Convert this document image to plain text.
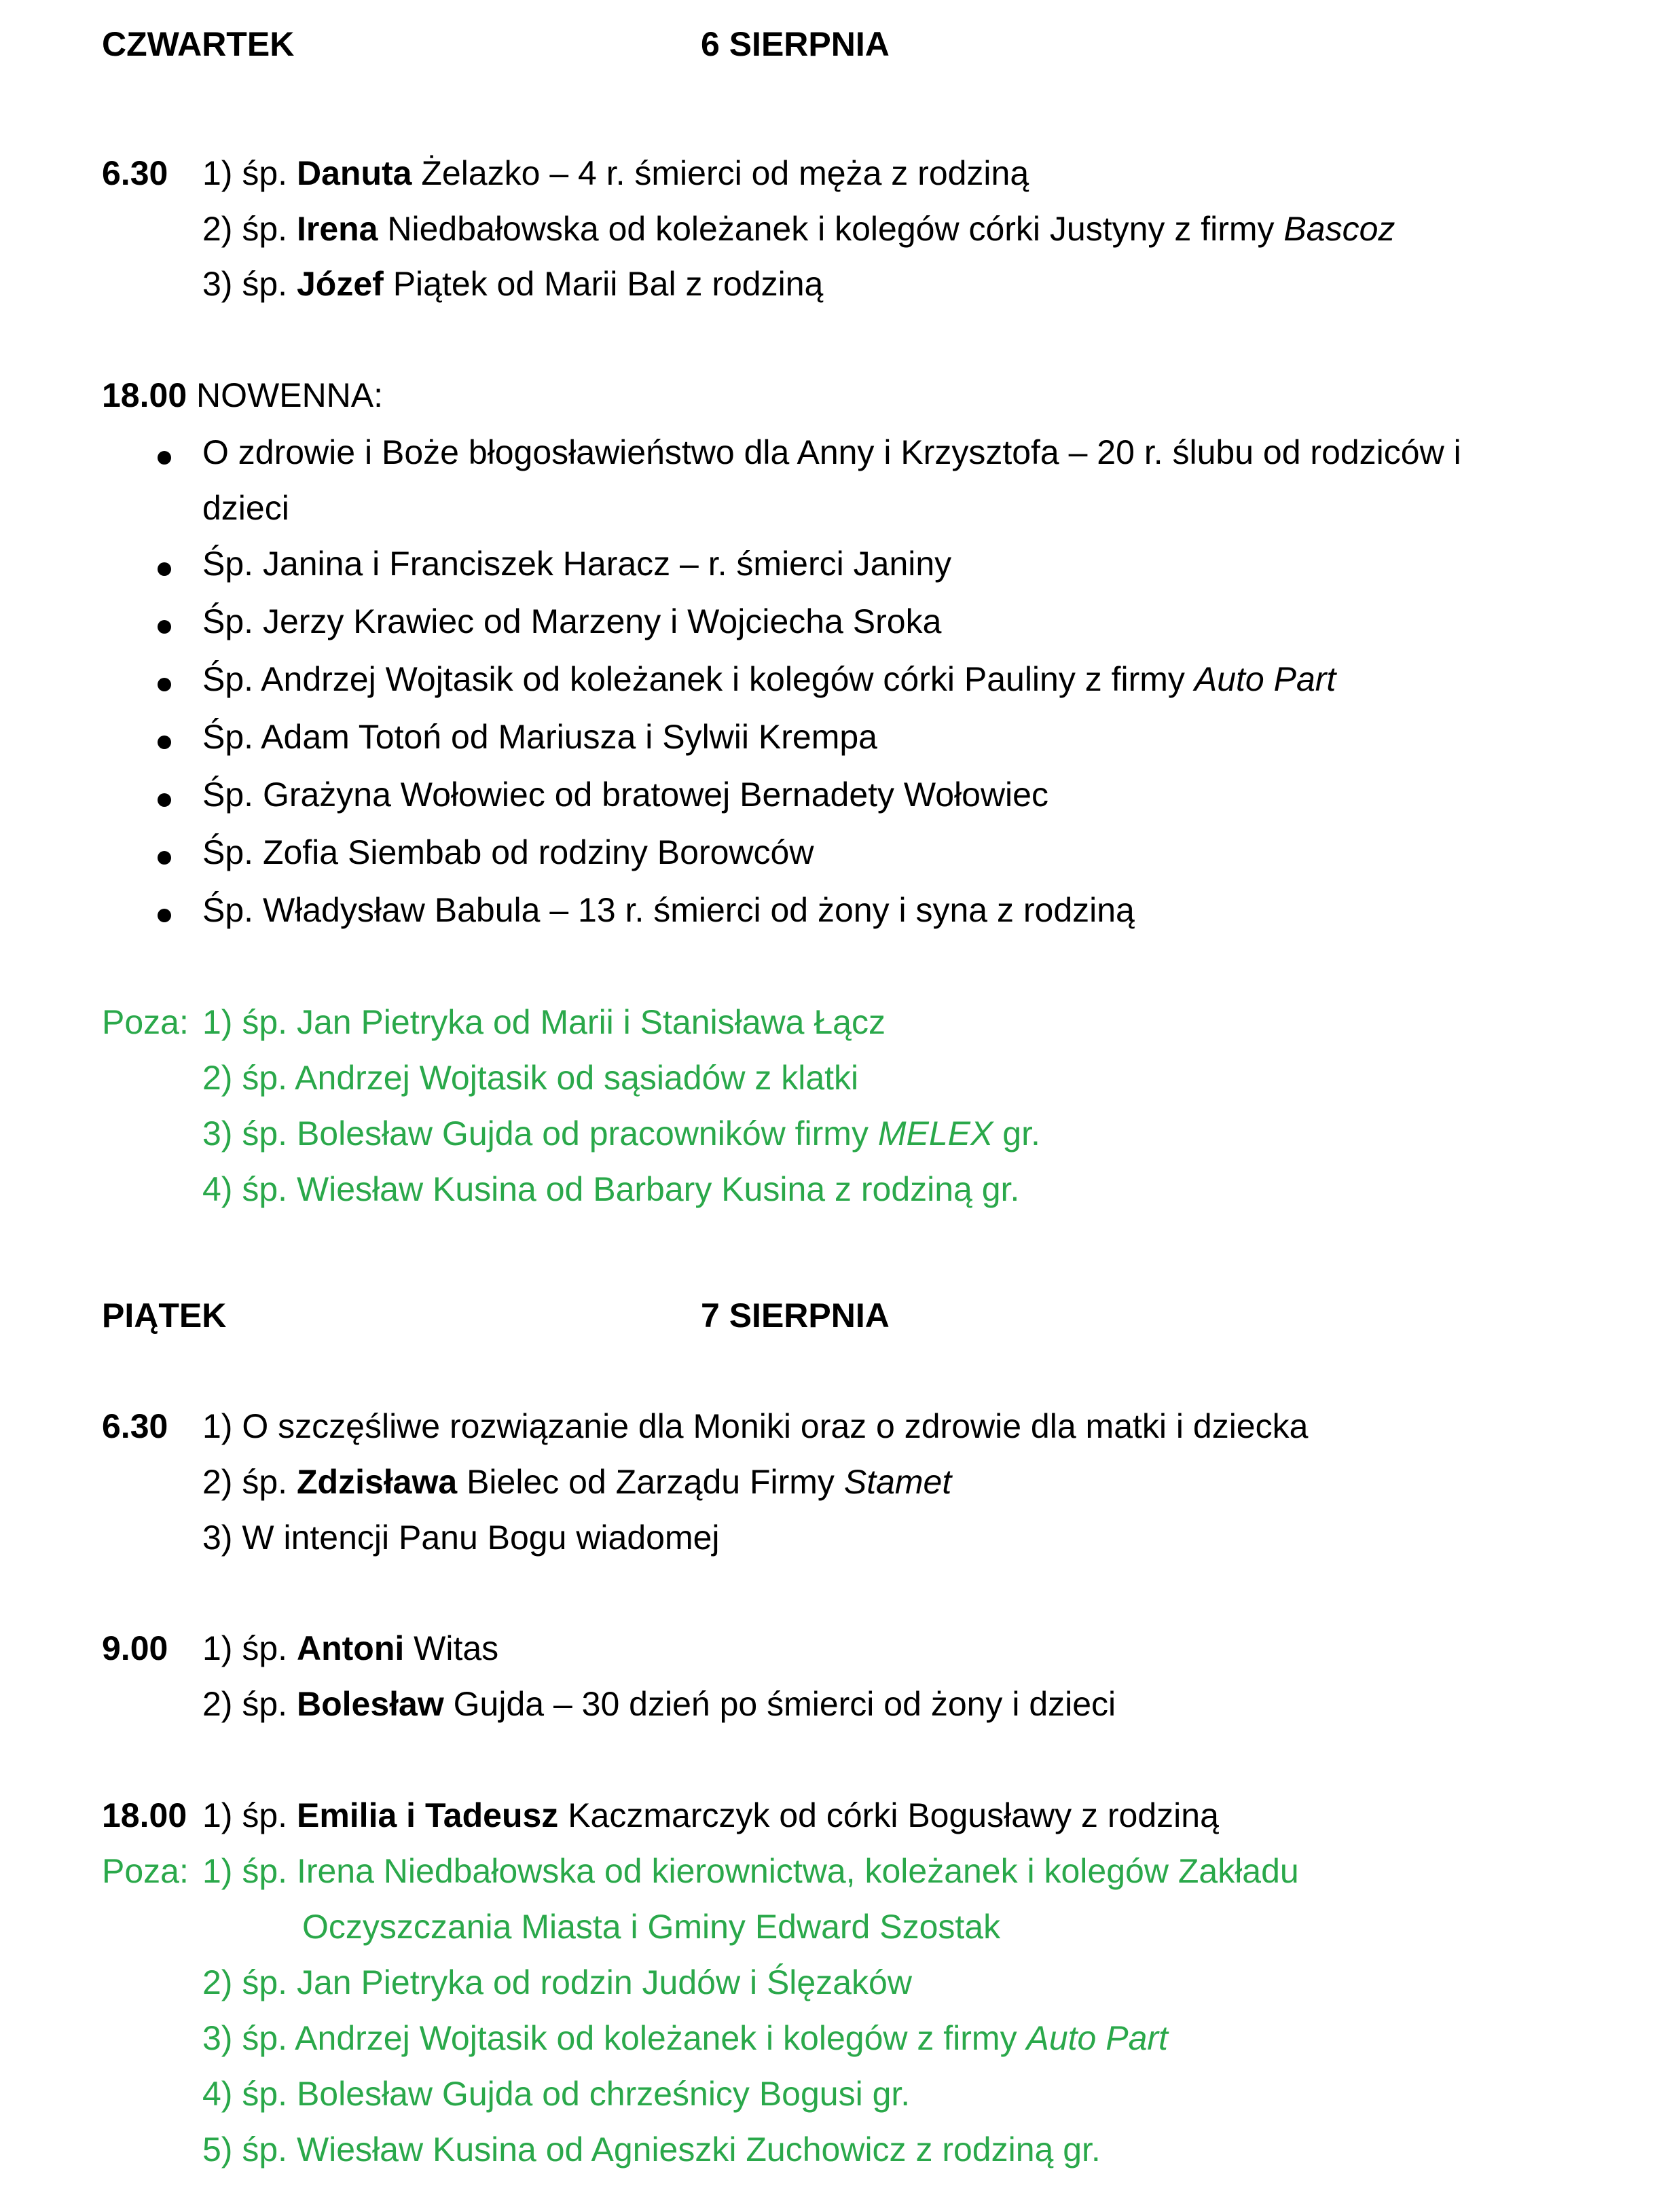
CZWARTEK	6 SIERPNIA
6.30 1) śp. Danuta Żelazko – 4 r. śmierci od męża z rodziną
2) śp. Irena Niedbałowska od koleżanek i kolegów córki Justyny z firmy Bascoz
3) śp. Józef Piątek od Marii Bal z rodziną
18.00 NOWENNA:
O zdrowie i Boże błogosławieństwo dla Anny i Krzysztofa – 20 r. ślubu od rodziców i
dzieci
Śp. Janina i Franciszek Haracz – r. śmierci Janiny
Śp. Jerzy Krawiec od Marzeny i Wojciecha Sroka
Śp. Andrzej Wojtasik od koleżanek i kolegów córki Pauliny z firmy Auto Part
Śp. Adam Totoń od Mariusza i Sylwii Krempa
Śp. Grażyna Wołowiec od bratowej Bernadety Wołowiec
Śp. Zofia Siembab od rodziny Borowców
Śp. Władysław Babula – 13 r. śmierci od żony i syna z rodziną
Poza: 1) śp. Jan Pietryka od Marii i Stanisława Łącz
2) śp. Andrzej Wojtasik od sąsiadów z klatki
3) śp. Bolesław Gujda od pracowników firmy MELEX gr.
4) śp. Wiesław Kusina od Barbary Kusina z rodziną gr.
PIĄTEK	7 SIERPNIA
6.30 1) O szczęśliwe rozwiązanie dla Moniki oraz o zdrowie dla matki i dziecka
2) śp. Zdzisława Bielec od Zarządu Firmy Stamet
3) W intencji Panu Bogu wiadomej
9.00 1) śp. Antoni Witas
2) śp. Bolesław Gujda – 30 dzień po śmierci od żony i dzieci
18.00 1) śp. Emilia i Tadeusz Kaczmarczyk od córki Bogusławy z rodziną
Poza: 1) śp. Irena Niedbałowska od kierownictwa, koleżanek i kolegów Zakładu
Oczyszczania Miasta i Gminy Edward Szostak
2) śp. Jan Pietryka od rodzin Judów i Ślęzaków
3) śp. Andrzej Wojtasik od koleżanek i kolegów z firmy Auto Part
4) śp. Bolesław Gujda od chrześnicy Bogusi gr.
5) śp. Wiesław Kusina od Agnieszki Zuchowicz z rodziną gr.
